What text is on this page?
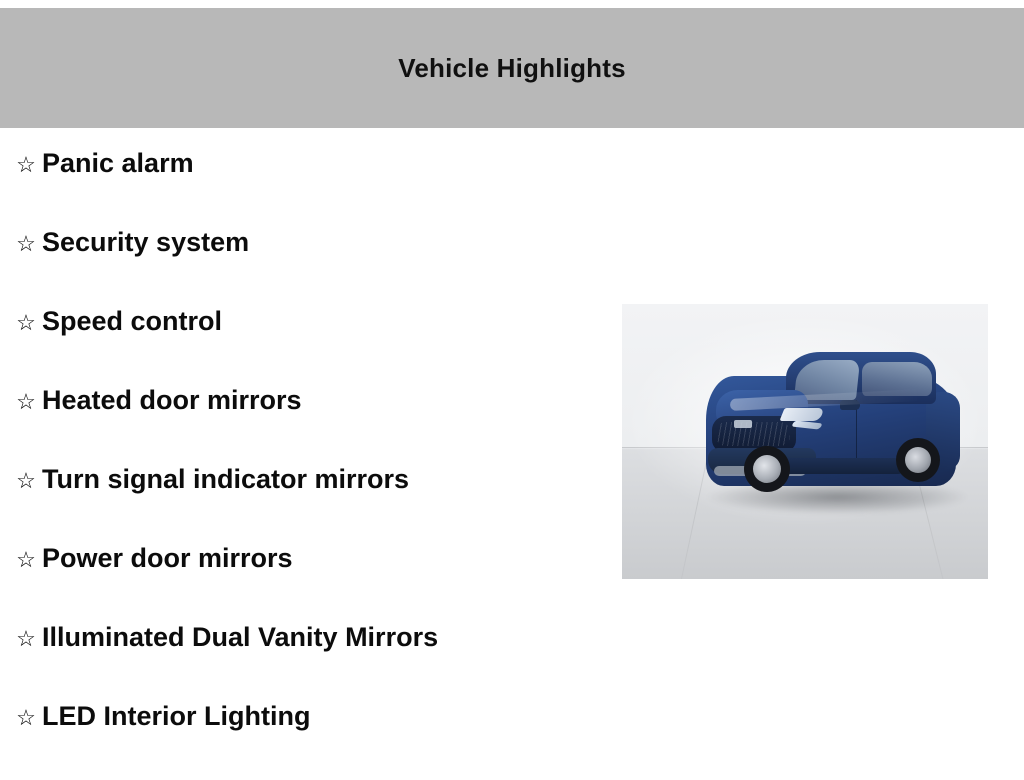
Vehicle Highlights
☆ Panic alarm
☆ Security system
☆ Speed control
☆ Heated door mirrors
☆ Turn signal indicator mirrors
☆ Power door mirrors
☆ Illuminated Dual Vanity Mirrors
☆ LED Interior Lighting
